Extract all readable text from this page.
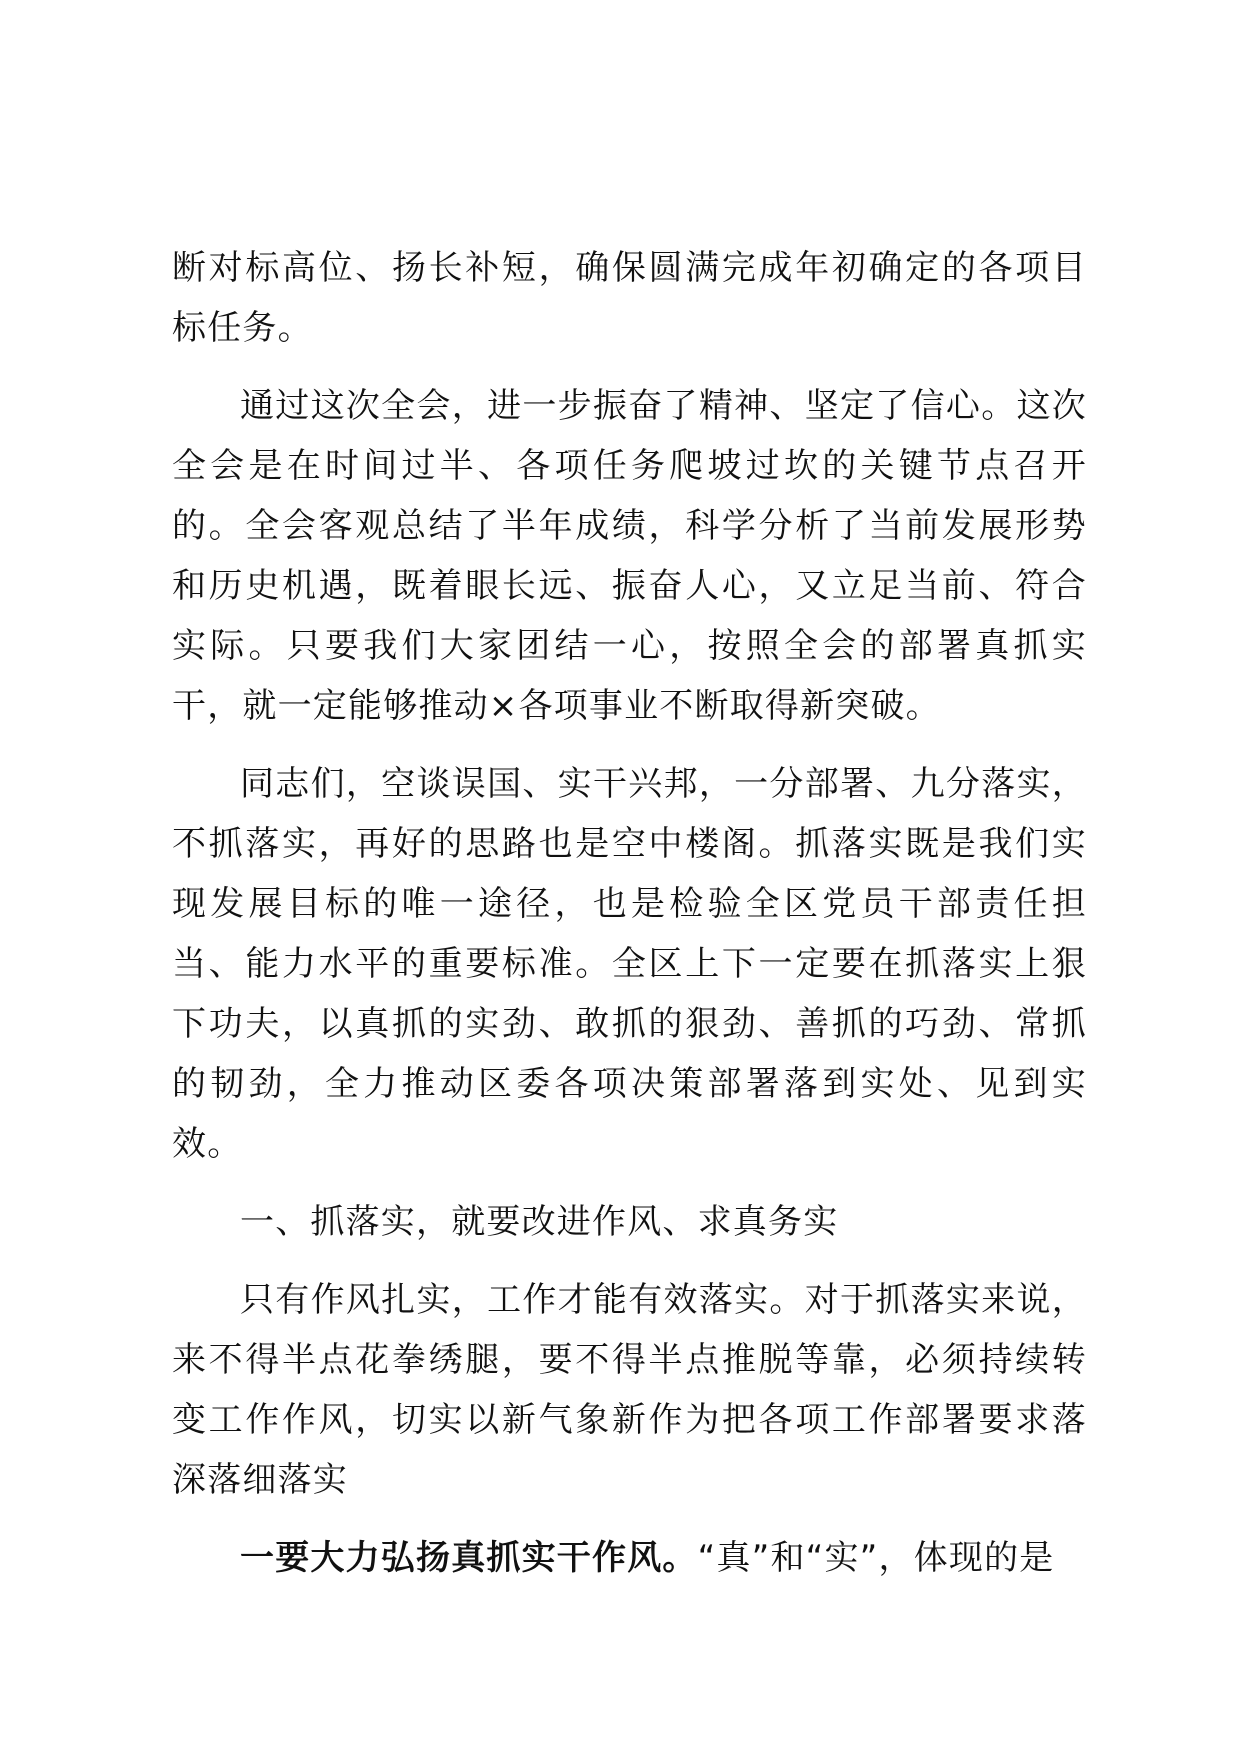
断对标高位、扬长补短，确保圆满完成年初确定的各项目标任务。

通过这次全会，进一步振奋了精神、坚定了信心。这次全会是在时间过半、各项任务爬坡过坎的关键节点召开的。全会客观总结了半年成绩，科学分析了当前发展形势和历史机遇，既着眼长远、振奋人心，又立足当前、符合实际。只要我们大家团结一心，按照全会的部署真抓实干，就一定能够推动×各项事业不断取得新突破。

同志们，空谈误国、实干兴邦，一分部署、九分落实，不抓落实，再好的思路也是空中楼阁。抓落实既是我们实现发展目标的唯一途径，也是检验全区党员干部责任担当、能力水平的重要标准。全区上下一定要在抓落实上狠下功夫，以真抓的实劲、敢抓的狠劲、善抓的巧劲、常抓的韧劲，全力推动区委各项决策部署落到实处、见到实效。

一、抓落实，就要改进作风、求真务实

只有作风扎实，工作才能有效落实。对于抓落实来说，来不得半点花拳绣腿，要不得半点推脱等靠，必须持续转变工作作风，切实以新气象新作为把各项工作部署要求落深落细落实

一要大力弘扬真抓实干作风。“真”和“实”，体现的是
